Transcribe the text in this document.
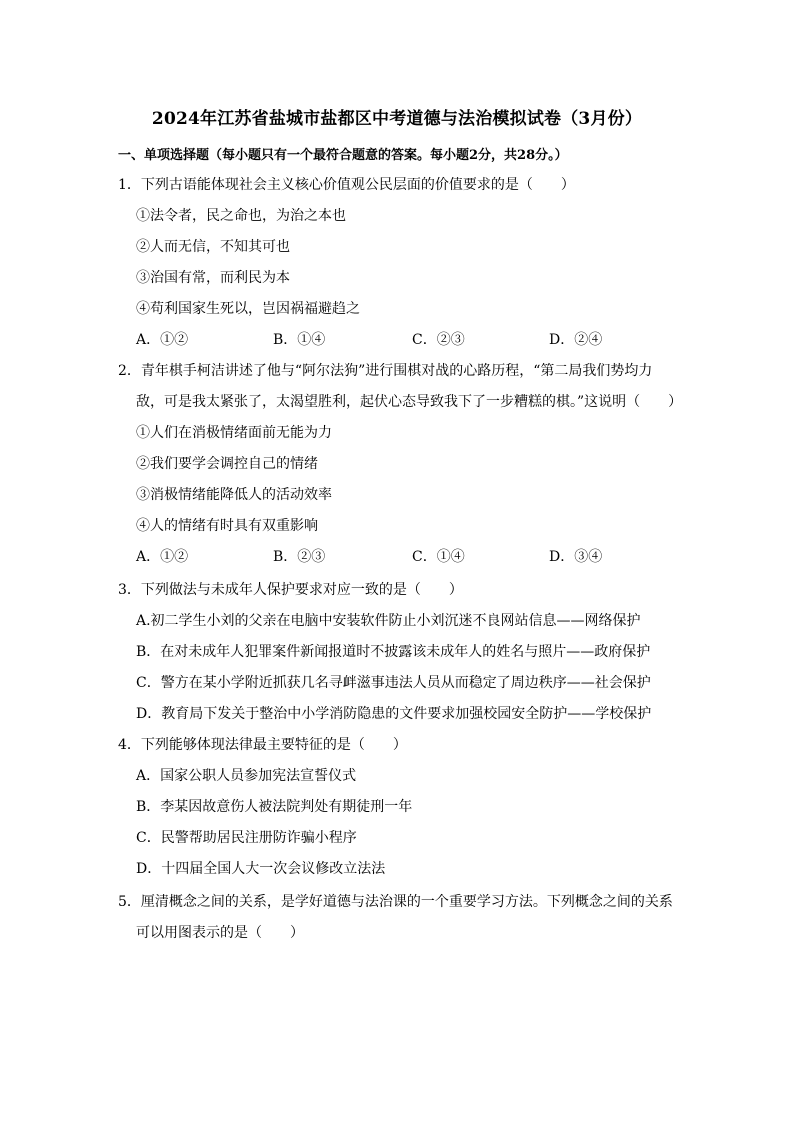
2024年江苏省盐城市盐都区中考道德与法治模拟试卷（3月份）
一、单项选择题（每小题只有一个最符合题意的答案。每小题2分，共28分。）
1．下列古语能体现社会主义核心价值观公民层面的价值要求的是（　　）
①法令者，民之命也，为治之本也
②人而无信，不知其可也
③治国有常，而利民为本
④苟利国家生死以，岂因祸福避趋之
A．①②	B．①④	C．②③	D．②④
2．青年棋手柯洁讲述了他与“阿尔法狗”进行围棋对战的心路历程，“第二局我们势均力
敌，可是我太紧张了，太渴望胜利，起伏心态导致我下了一步糟糕的棋。”这说明（　　）
①人们在消极情绪面前无能为力
②我们要学会调控自己的情绪
③消极情绪能降低人的活动效率
④人的情绪有时具有双重影响
A．①②	B．②③	C．①④	D．③④
3．下列做法与未成年人保护要求对应一致的是（　　）
A.初二学生小刘的父亲在电脑中安装软件防止小刘沉迷不良网站信息——网络保护
B．在对未成年人犯罪案件新闻报道时不披露该未成年人的姓名与照片——政府保护
C．警方在某小学附近抓获几名寻衅滋事违法人员从而稳定了周边秩序——社会保护
D．教育局下发关于整治中小学消防隐患的文件要求加强校园安全防护——学校保护
4．下列能够体现法律最主要特征的是（　　）
A．国家公职人员参加宪法宣誓仪式
B．李某因故意伤人被法院判处有期徒刑一年
C．民警帮助居民注册防诈骗小程序
D．十四届全国人大一次会议修改立法法
5．厘清概念之间的关系，是学好道德与法治课的一个重要学习方法。下列概念之间的关系
可以用图表示的是（　　）
